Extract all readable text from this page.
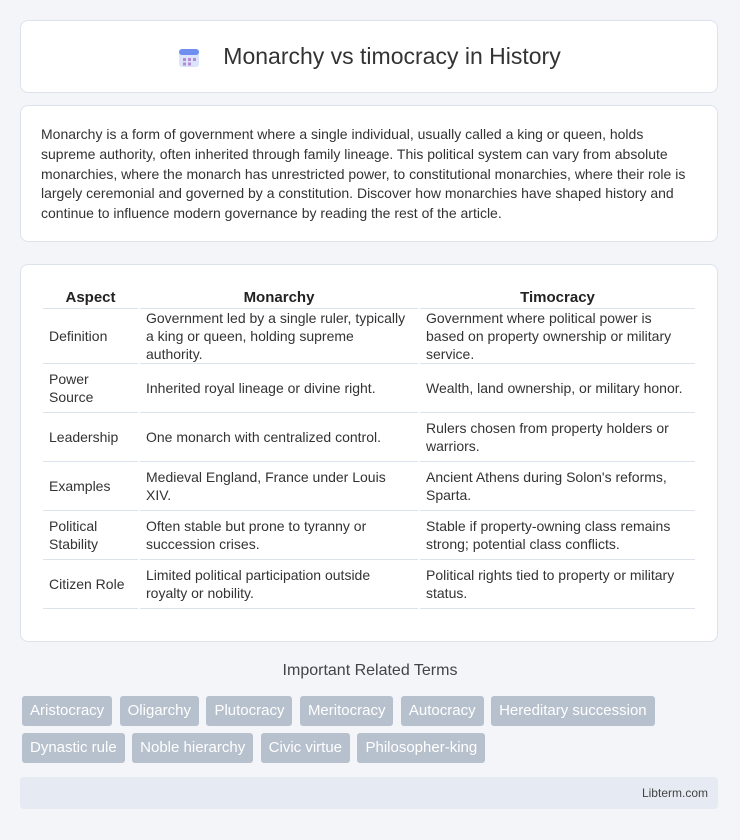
Monarchy vs timocracy in History

Monarchy is a form of government where a single individual, usually called a king or queen, holds supreme authority, often inherited through family lineage. This political system can vary from absolute monarchies, where the monarch has unrestricted power, to constitutional monarchies, where their role is largely ceremonial and governed by a constitution. Discover how monarchies have shaped history and continue to influence modern governance by reading the rest of the article.

Aspect	Monarchy	Timocracy
Definition	Government led by a single ruler, typically a king or queen, holding supreme authority.	Government where political power is based on property ownership or military service.
Power Source	Inherited royal lineage or divine right.	Wealth, land ownership, or military honor.
Leadership	One monarch with centralized control.	Rulers chosen from property holders or warriors.
Examples	Medieval England, France under Louis XIV.	Ancient Athens during Solon's reforms, Sparta.
Political Stability	Often stable but prone to tyranny or succession crises.	Stable if property-owning class remains strong; potential class conflicts.
Citizen Role	Limited political participation outside royalty or nobility.	Political rights tied to property or military status.
Important Related Terms
Aristocracy Oligarchy Plutocracy Meritocracy Autocracy Hereditary succession Dynastic rule Noble hierarchy Civic virtue Philosopher-king
Libterm.com
